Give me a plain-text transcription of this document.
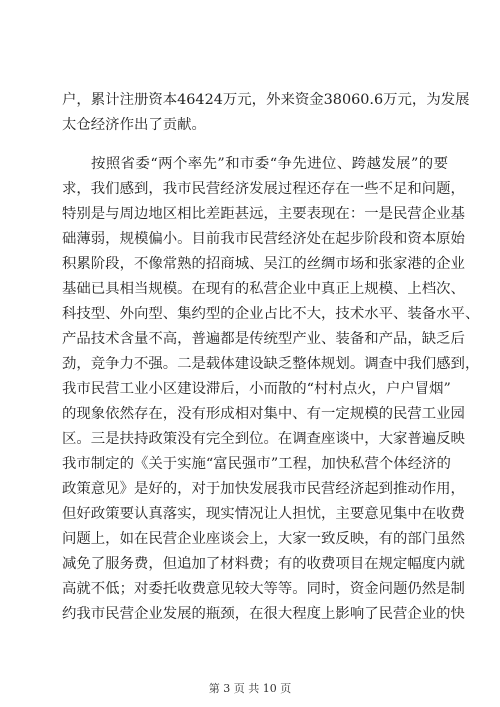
户，累计注册资本46424万元，外来资金38060.6万元，为发展
太仓经济作出了贡献。
按照省委“两个率先”和市委“争先进位、跨越发展”的要
求，我们感到，我市民营经济发展过程还存在一些不足和问题，
特别是与周边地区相比差距甚远，主要表现在：一是民营企业基
础薄弱，规模偏小。目前我市民营经济处在起步阶段和资本原始
积累阶段，不像常熟的招商城、吴江的丝绸市场和张家港的企业
基础已具相当规模。在现有的私营企业中真正上规模、上档次、
科技型、外向型、集约型的企业占比不大，技术水平、装备水平、
产品技术含量不高，普遍都是传统型产业、装备和产品，缺乏后
劲，竞争力不强。二是载体建设缺乏整体规划。调查中我们感到，
我市民营工业小区建设滞后，小而散的“村村点火，户户冒烟”
的现象依然存在，没有形成相对集中、有一定规模的民营工业园
区。三是扶持政策没有完全到位。在调查座谈中，大家普遍反映
我市制定的《关于实施“富民强市”工程，加快私营个体经济的
政策意见》是好的，对于加快发展我市民营经济起到推动作用，
但好政策要认真落实，现实情况让人担忧，主要意见集中在收费
问题上，如在民营企业座谈会上，大家一致反映，有的部门虽然
减免了服务费，但追加了材料费；有的收费项目在规定幅度内就
高就不低；对委托收费意见较大等等。同时，资金问题仍然是制
约我市民营企业发展的瓶颈，在很大程度上影响了民营企业的快
第 3 页 共 10 页
